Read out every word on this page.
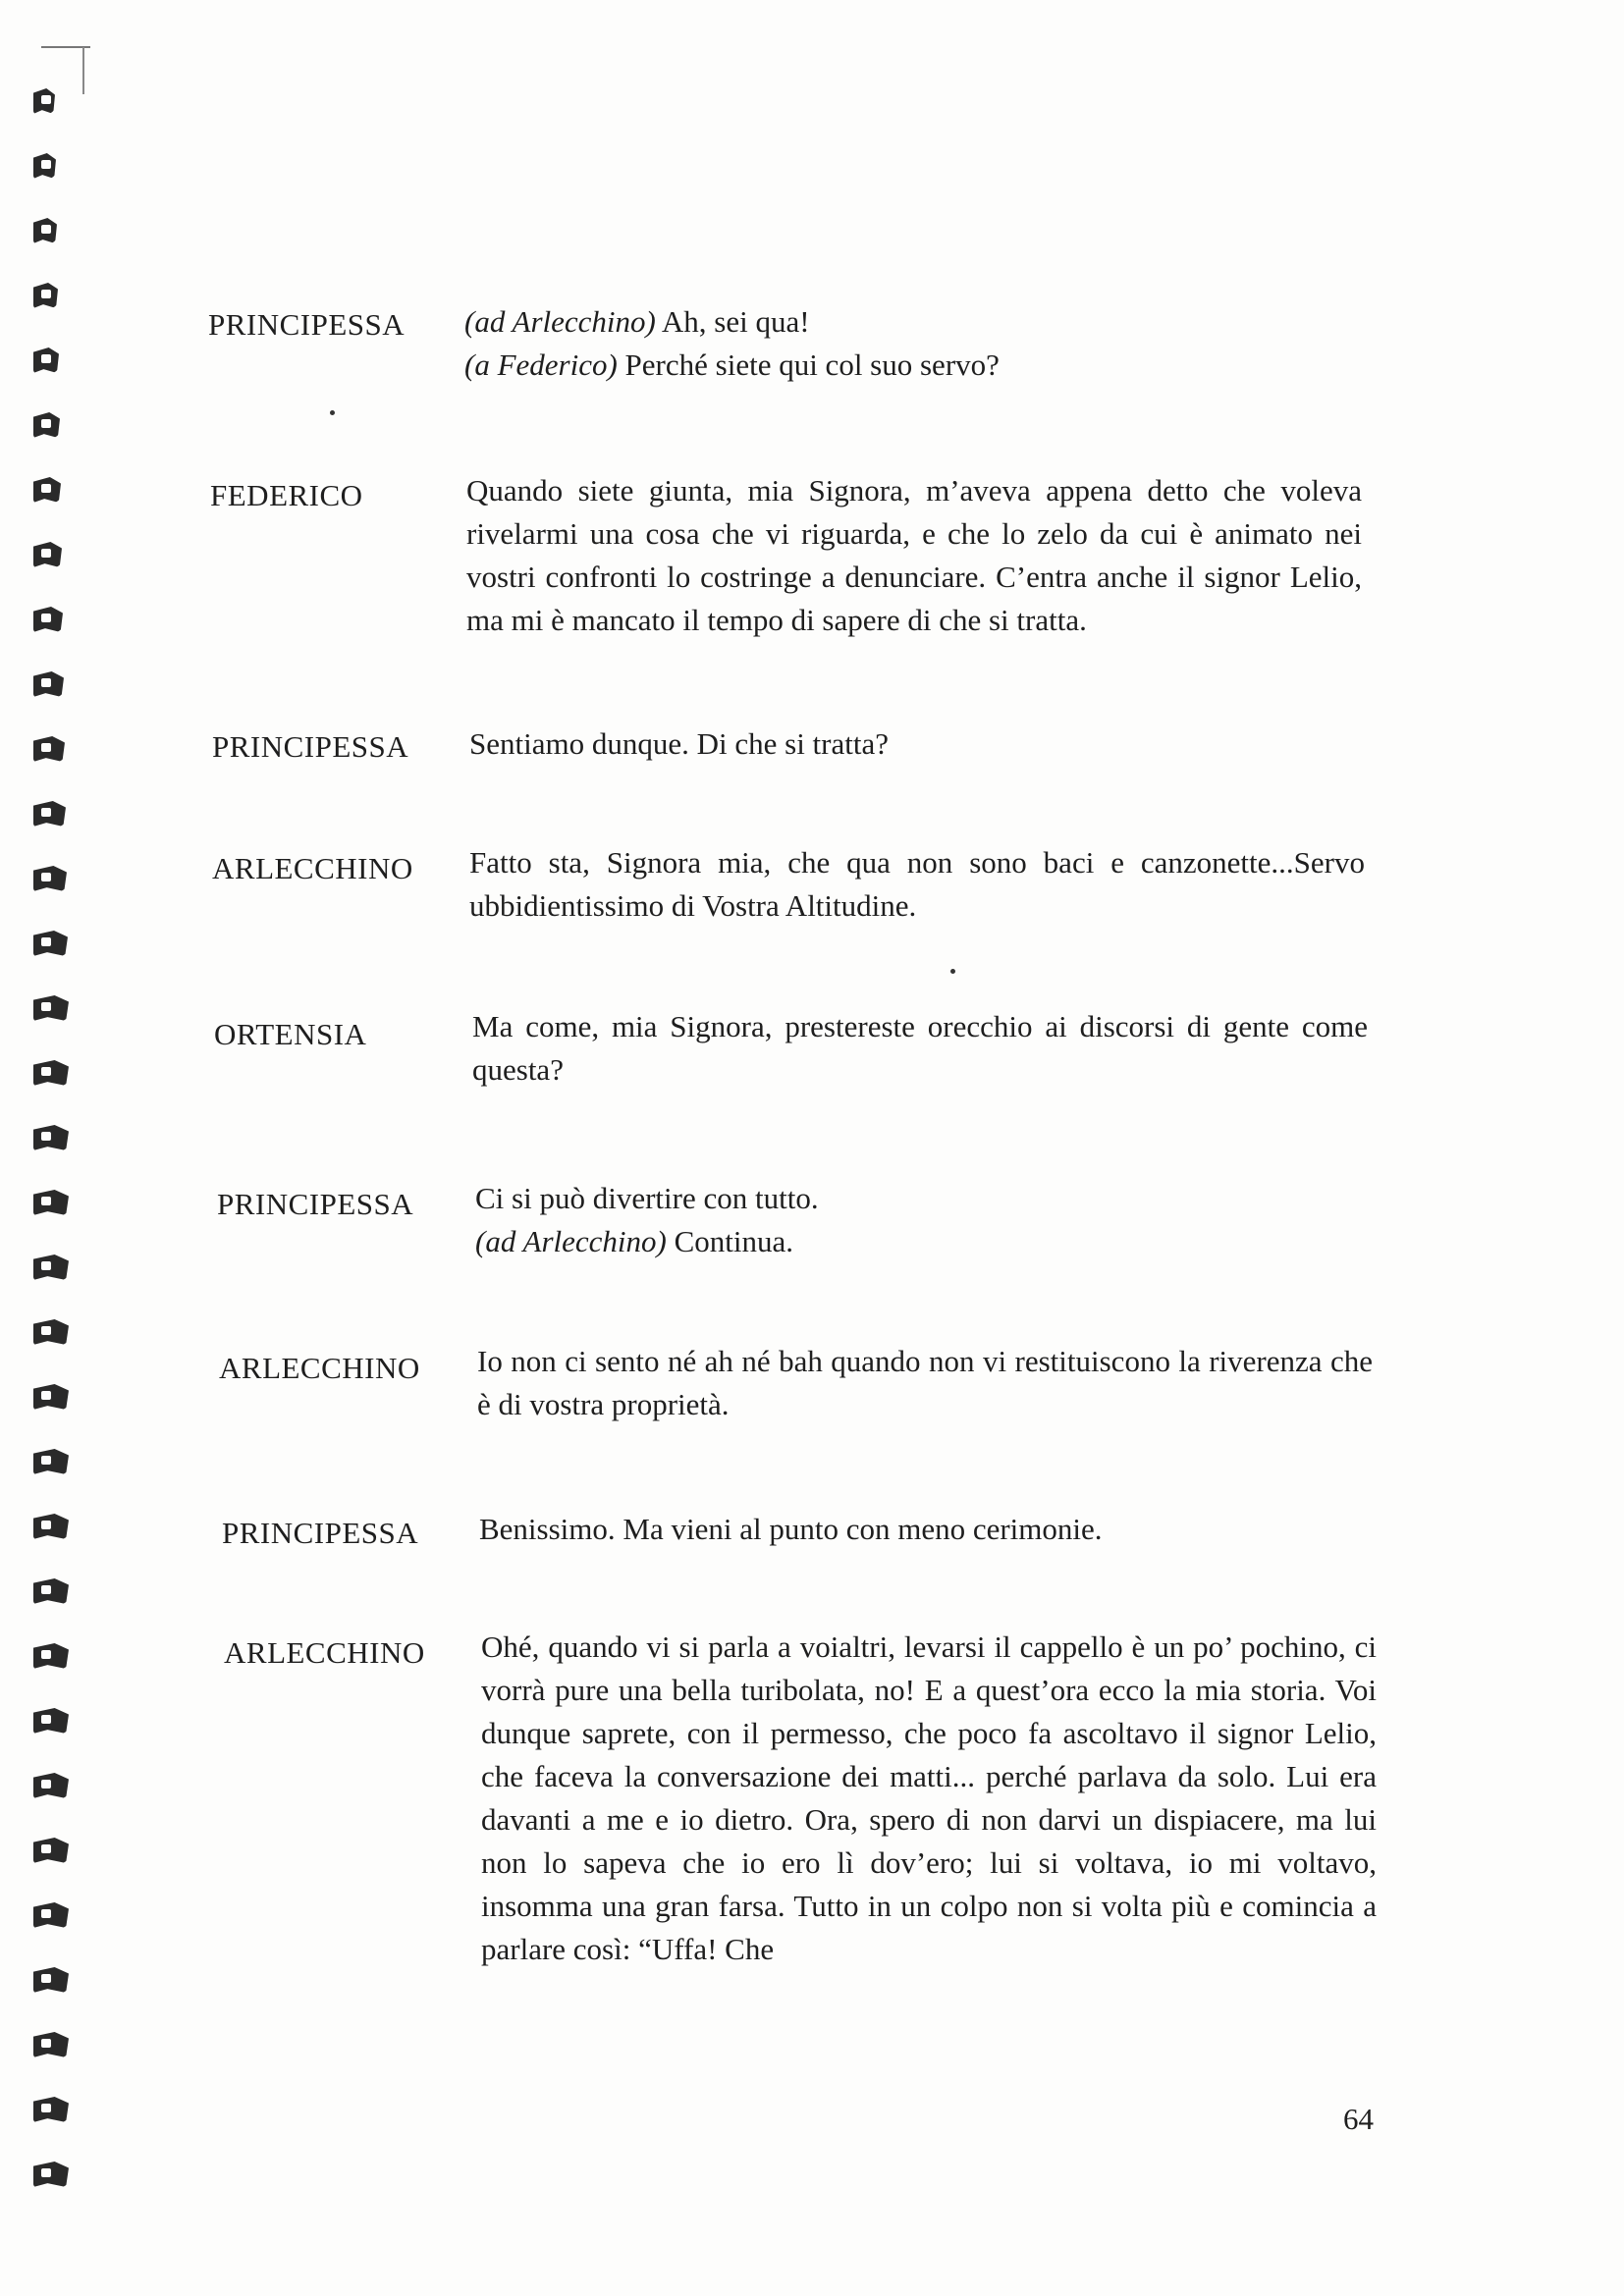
PRINCIPESSA (ad Arlecchino) Ah, sei qua!

(a Federico) Perché siete qui col suo servo?

FEDERICO	Quando siete giunta, mia Signora, m’aveva appena detto che voleva rivelarmi una cosa che vi riguarda, e che lo zelo da cui è animato nei vostri confronti lo costringe a denunciare. C’entra anche il signor Lelio, ma mi è mancato il tempo di sapere di che si tratta.
PRINCIPESSA Sentiamo dunque. Di che si tratta?
ARLECCHINO Fatto sta, Signora mia, che qua non sono baci e canzonette...Servo ubbidientissimo di Vostra Altitudine.
ORTENSIA	Ma come, mia Signora, prestereste orecchio ai discorsi di gente come questa?
PRINCIPESSA Ci si può divertire con tutto.

(ad Arlecchino) Continua.

ARLECCHINO Io non ci sento né ah né bah quando non vi restituiscono la riverenza che è di vostra proprietà.
PRINCIPESSA Benissimo. Ma vieni al punto con meno cerimonie.
ARLECCHINO Ohé, quando vi si parla a voialtri, levarsi il cappello è un po’ pochino, ci vorrà pure una bella turibolata, no! E a quest’ora ecco la mia storia. Voi dunque saprete, con il permesso, che poco fa ascoltavo il signor Lelio, che faceva la conversazione dei matti... perché parlava da solo. Lui era davanti a me e io dietro. Ora, spero di non darvi un dispiacere, ma lui non lo sapeva che io ero lì dov’ero; lui si voltava, io mi voltavo, insomma una gran farsa. Tutto in un colpo non si volta più e comincia a parlare così: “Uffa! Che
64
